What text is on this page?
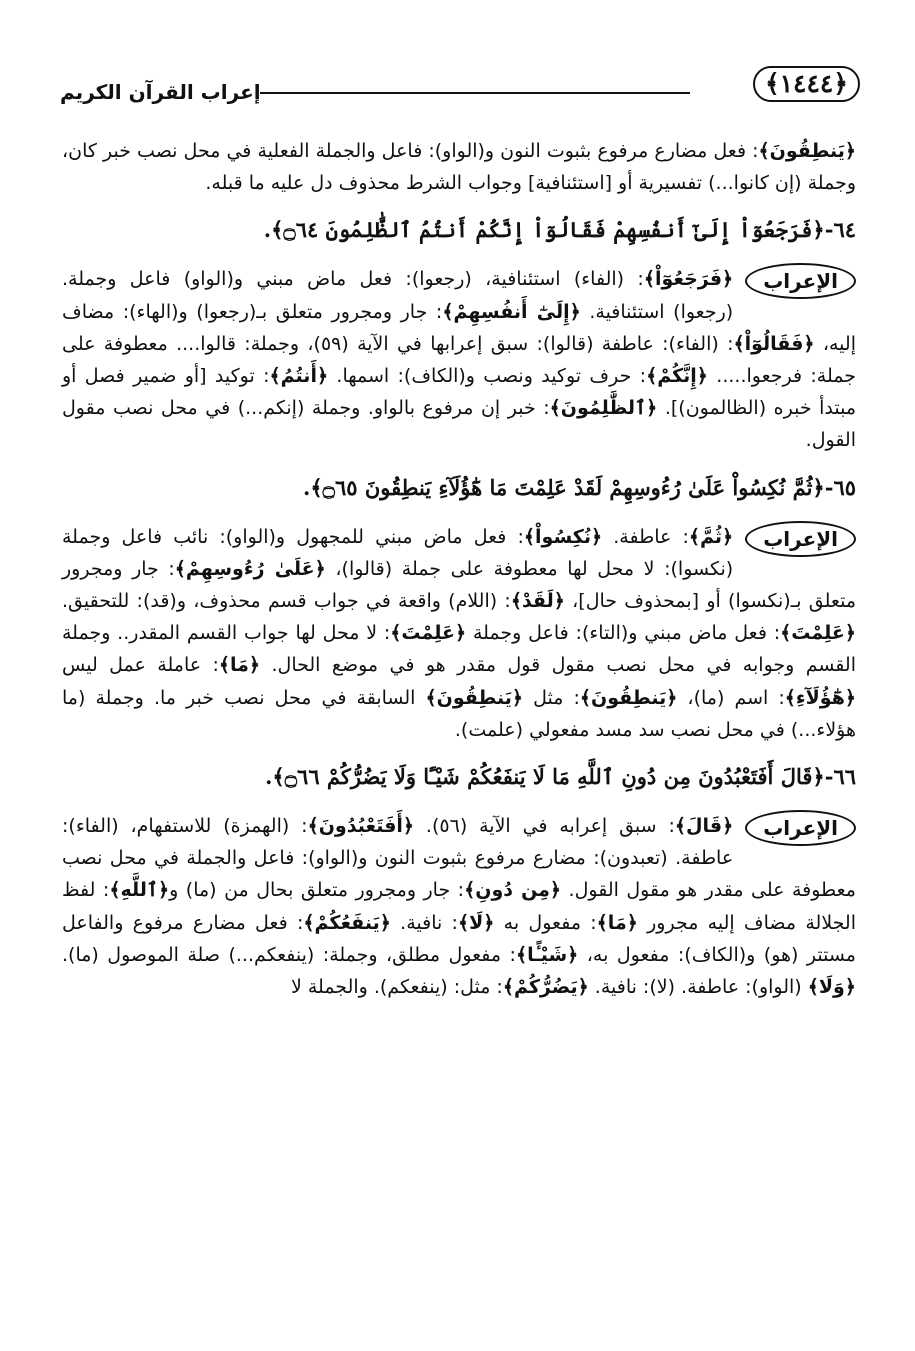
﴿١٤٤٤﴾
إعراب القرآن الكريم

﴿يَنطِقُونَ﴾: فعل مضارع مرفوع بثبوت النون و(الواو): فاعل والجملة الفعلية في محل نصب خبر كان، وجملة (إن كانوا...) تفسيرية أو [استئنافية] وجواب الشرط محذوف دل عليه ما قبله.

٦٤-﴿فَرَجَعُوٓاْ إِلَىٰٓ أَنفُسِهِمْ فَقَالُوٓاْ إِنَّكُمْ أَنتُمُ ٱلظَّٰلِمُونَ ۝٦٤﴾.

الإعراب
﴿فَرَجَعُوٓاْ﴾: (الفاء) استئنافية، (رجعوا): فعل ماض مبني و(الواو) فاعل وجملة. (رجعوا) استئنافية. ﴿إِلَىٰٓ أَنفُسِهِمْ﴾: جار ومجرور متعلق بـ(رجعوا) و(الهاء): مضاف إليه، ﴿فَقَالُوٓاْ﴾: (الفاء): عاطفة (قالوا): سبق إعرابها في الآية (٥٩)، وجملة: قالوا.... معطوفة على جملة: فرجعوا..... ﴿إِنَّكُمْ﴾: حرف توكيد ونصب و(الكاف): اسمها. ﴿أَنتُمُ﴾: توكيد [أو ضمير فصل أو مبتدأ خبره (الظالمون)]. ﴿ٱلظَّٰلِمُونَ﴾: خبر إن مرفوع بالواو. وجملة (إنكم...) في محل نصب مقول القول.

٦٥-﴿ثُمَّ نُكِسُواْ عَلَىٰ رُءُوسِهِمْ لَقَدْ عَلِمْتَ مَا هَٰٓؤُلَآءِ يَنطِقُونَ ۝٦٥﴾.

الإعراب
﴿ثُمَّ﴾: عاطفة. ﴿نُكِسُواْ﴾: فعل ماض مبني للمجهول و(الواو): نائب فاعل وجملة (نكسوا): لا محل لها معطوفة على جملة (قالوا)، ﴿عَلَىٰ رُءُوسِهِمْ﴾: جار ومجرور متعلق بـ(نكسوا) أو [بمحذوف حال]، ﴿لَقَدْ﴾: (اللام) واقعة في جواب قسم محذوف، و(قد): للتحقيق. ﴿عَلِمْتَ﴾: فعل ماض مبني و(التاء): فاعل وجملة ﴿عَلِمْتَ﴾: لا محل لها جواب القسم المقدر.. وجملة القسم وجوابه في محل نصب مقول قول مقدر هو في موضع الحال. ﴿مَا﴾: عاملة عمل ليس ﴿هَٰٓؤُلَآءِ﴾: اسم (ما)، ﴿يَنطِقُونَ﴾: مثل ﴿يَنطِقُونَ﴾ السابقة في محل نصب خبر ما. وجملة (ما هؤلاء...) في محل نصب سد مسد مفعولي (علمت).

٦٦-﴿قَالَ أَفَتَعْبُدُونَ مِن دُونِ ٱللَّهِ مَا لَا يَنفَعُكُمْ شَيْـًٔا وَلَا يَضُرُّكُمْ ۝٦٦﴾.

الإعراب
﴿قَالَ﴾: سبق إعرابه في الآية (٥٦). ﴿أَفَتَعْبُدُونَ﴾: (الهمزة) للاستفهام، (الفاء): عاطفة. (تعبدون): مضارع مرفوع بثبوت النون و(الواو): فاعل والجملة في محل نصب معطوفة على مقدر هو مقول القول. ﴿مِن دُونِ﴾: جار ومجرور متعلق بحال من (ما) و﴿ٱللَّهِ﴾: لفظ الجلالة مضاف إليه مجرور ﴿مَا﴾: مفعول به ﴿لَا﴾: نافية. ﴿يَنفَعُكُمْ﴾: فعل مضارع مرفوع والفاعل مستتر (هو) و(الكاف): مفعول به، ﴿شَيْـًٔا﴾: مفعول مطلق، وجملة: (ينفعكم...) صلة الموصول (ما). ﴿وَلَا﴾ (الواو): عاطفة. (لا): نافية. ﴿يَضُرُّكُمْ﴾: مثل: (ينفعكم). والجملة لا
